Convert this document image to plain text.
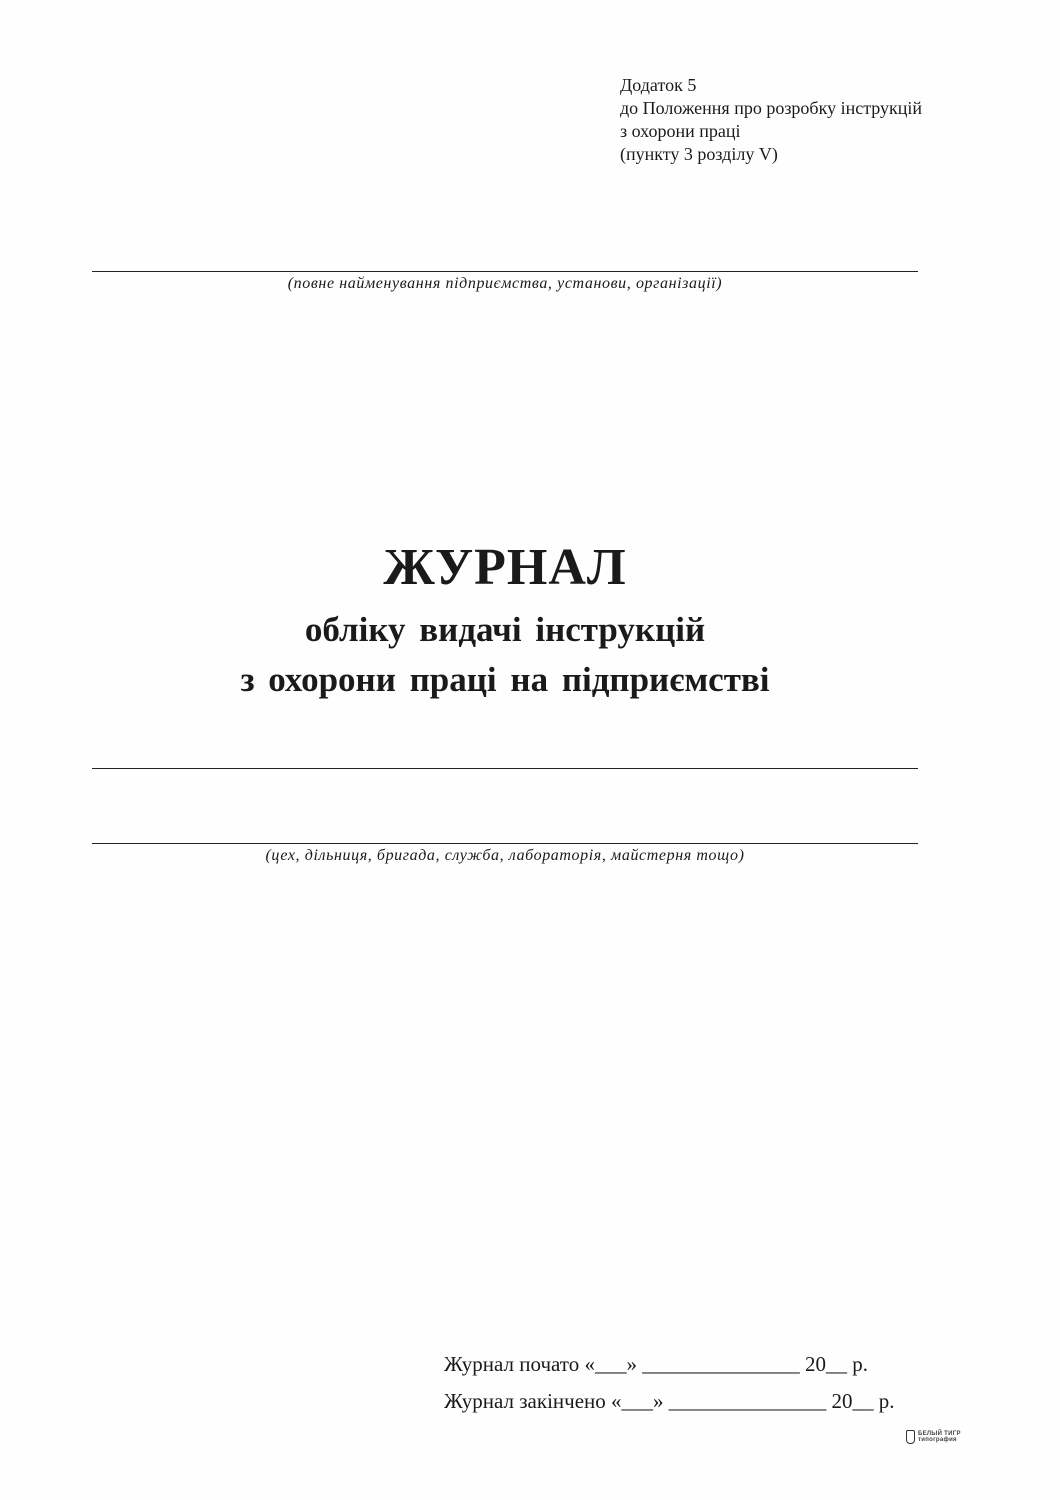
Додаток 5
до Положення про розробку інструкцій
з охорони праці
(пункту 3 розділу V)
(повне найменування підприємства, установи, організації)
ЖУРНАЛ
обліку видачі інструкцій
з охорони праці на підприємстві
(цех, дільниця, бригада, служба, лабораторія, майстерня тощо)
Журнал почато «___» _______________ 20__ р.
Журнал закінчено «___» _______________ 20__ р.
БЕЛЫЙ ТИГР
типография
